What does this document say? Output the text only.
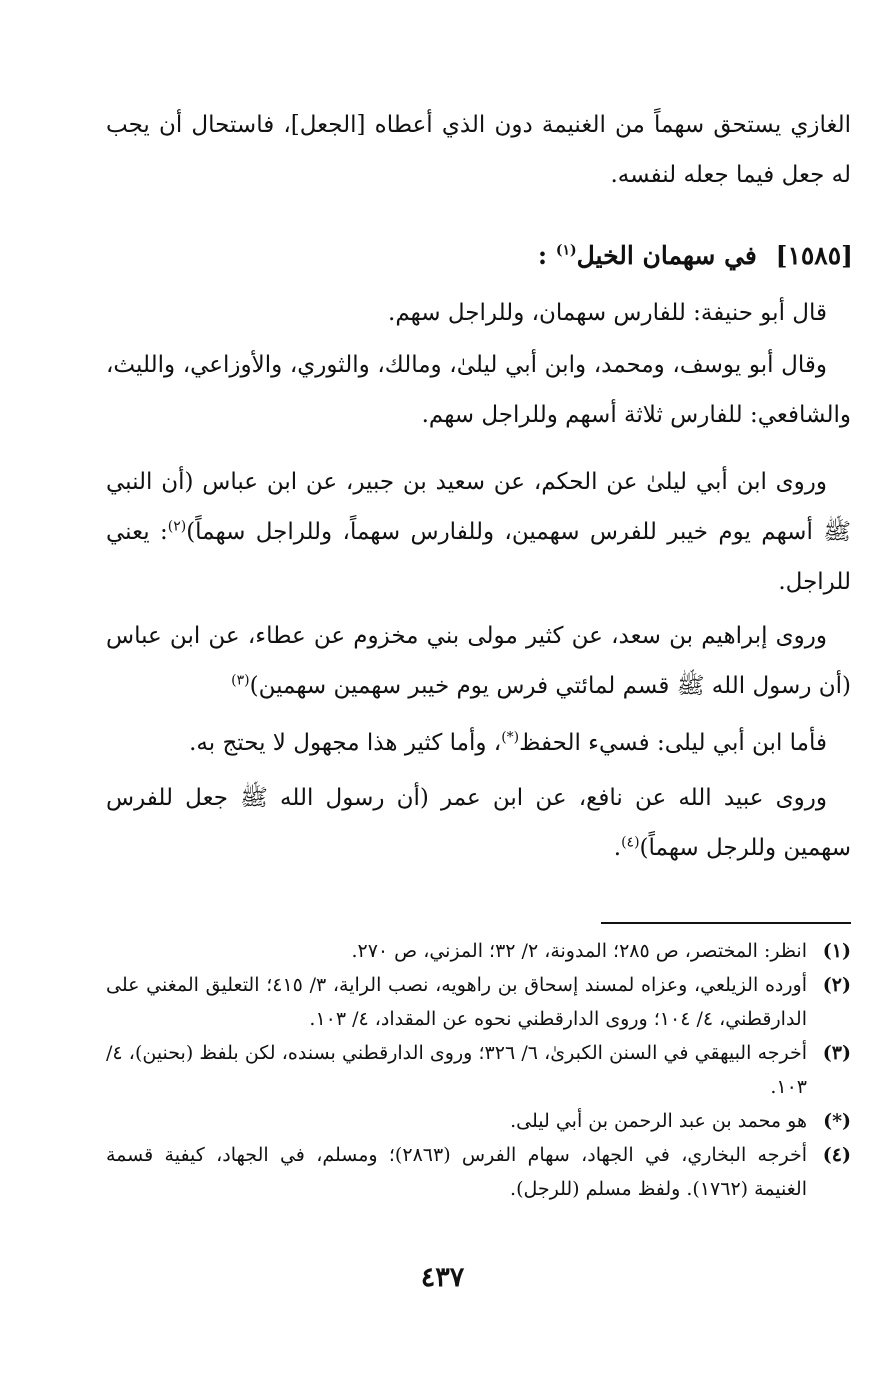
الغازي يستحق سهماً من الغنيمة دون الذي أعطاه [الجعل]، فاستحال أن يجب له جعل فيما جعله لنفسه.

[١٥٨٥] في سهمان الخيل$^{(١)}$ :
قال أبو حنيفة: للفارس سهمان، وللراجل سهم.
وقال أبو يوسف، ومحمد، وابن أبي ليلىٰ، ومالك، والثوري، والأوزاعي، والليث، والشافعي: للفارس ثلاثة أسهم وللراجل سهم.
وروى ابن أبي ليلىٰ عن الحكم، عن سعيد بن جبير، عن ابن عباس (أن النبي ﷺ أسهم يوم خيبر للفرس سهمين، وللفارس سهماً، وللراجل سهماً)$^{(٢)}$: يعني للراجل.
وروى إبراهيم بن سعد، عن كثير مولى بني مخزوم عن عطاء، عن ابن عباس (أن رسول الله ﷺ قسم لمائتي فرس يوم خيبر سهمين سهمين)$^{(٣)}$
فأما ابن أبي ليلى: فسيء الحفظ(*)، وأما كثير هذا مجهول لا يحتج به.
وروى عبيد الله عن نافع، عن ابن عمر (أن رسول الله ﷺ جعل للفرس سهمين وللرجل سهماً)$^{(٤)}$.
(١)
انظر: المختصر، ص ٢٨٥؛ المدونة، ٢/ ٣٢؛ المزني، ص ٢٧٠.
(٢)
أورده الزيلعي، وعزاه لمسند إسحاق بن راهويه، نصب الراية، ٣/ ٤١٥؛ التعليق المغني على الدارقطني، ٤/ ١٠٤؛ وروى الدارقطني نحوه عن المقداد، ٤/ ١٠٣.
(٣)
أخرجه البيهقي في السنن الكبرىٰ، ٦/ ٣٢٦؛ وروى الدارقطني بسنده، لكن بلفظ (بحنين)، ٤/ ١٠٣.
(*)
هو محمد بن عبد الرحمن بن أبي ليلى.
(٤)
أخرجه البخاري، في الجهاد، سهام الفرس (٢٨٦٣)؛ ومسلم، في الجهاد، كيفية قسمة الغنيمة (١٧٦٢). ولفظ مسلم (للرجل).
٤٣٧
